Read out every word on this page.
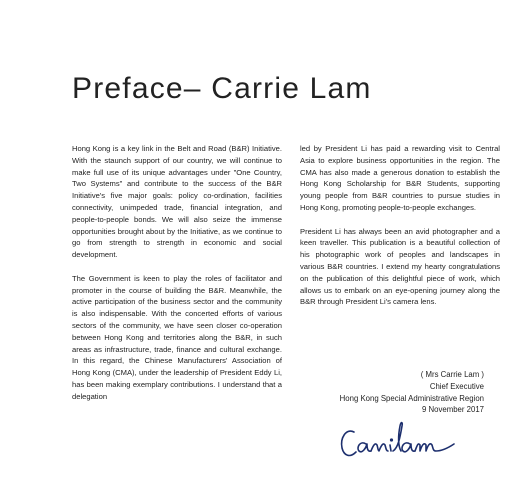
Preface– Carrie Lam

Hong Kong is a key link in the Belt and Road (B&R) Initiative. With the staunch support of our country, we will continue to make full use of its unique advantages under "One Country, Two Systems" and contribute to the success of the B&R Initiative's five major goals: policy co-ordination, facilities connectivity, unimpeded trade, financial integration, and people-to-people bonds. We will also seize the immense opportunities brought about by the Initiative, as we continue to go from strength to strength in economic and social development.

The Government is keen to play the roles of facilitator and promoter in the course of building the B&R. Meanwhile, the active participation of the business sector and the community is also indispensable. With the concerted efforts of various sectors of the community, we have seen closer co-operation between Hong Kong and territories along the B&R, in such areas as infrastructure, trade, finance and cultural exchange. In this regard, the Chinese Manufacturers' Association of Hong Kong (CMA), under the leadership of President Eddy Li, has been making exemplary contributions. I understand that a delegation

led by President Li has paid a rewarding visit to Central Asia to explore business opportunities in the region. The CMA has also made a generous donation to establish the Hong Kong Scholarship for B&R Students, supporting young people from B&R countries to pursue studies in Hong Kong, promoting people-to-people exchanges.

President Li has always been an avid photographer and a keen traveller. This publication is a beautiful collection of his photographic work of peoples and landscapes in various B&R countries. I extend my hearty congratulations on the publication of this delightful piece of work, which allows us to embark on an eye-opening journey along the B&R through President Li's camera lens.

( Mrs Carrie Lam )
Chief Executive
Hong Kong Special Administrative Region
9 November 2017
